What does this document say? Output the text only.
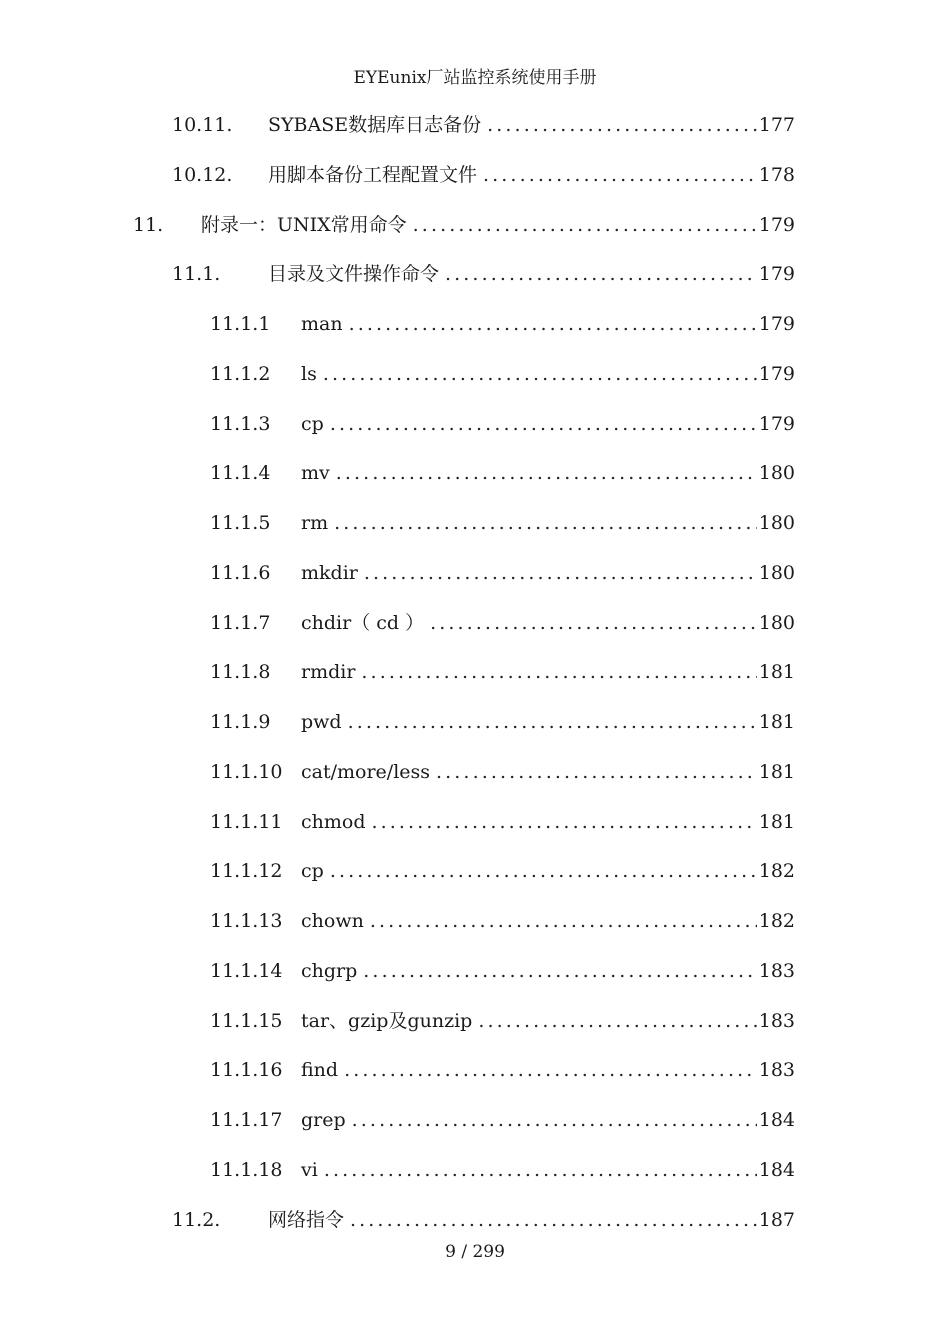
EYEunix厂站监控系统使用手册
10.11. SYBASE数据库日志备份 .....	177
10.12. 用脚本备份工程配置文件 .....	178
11. 附录一：UNIX常用命令 .....	179
11.1.	目录及文件操作命令 .....	179
11.1.1 man .....	179
11.1.2 ls .....	179
11.1.3 cp .....	179
11.1.4 mv .....	180
11.1.5 rm .....	180
11.1.6 mkdir .....	180
11.1.7 chdir（ cd ） .....	180
11.1.8 rmdir .....	181
11.1.9 pwd .....	181
11.1.10 cat/more/less .....	181
11.1.11 chmod .....	181
11.1.12 cp .....	182
11.1.13 chown .....	182
11.1.14 chgrp .....	183
11.1.15 tar、gzip及gunzip .....	183
11.1.16 find .....	183
11.1.17 grep .....	184
11.1.18 vi .....	184
11.2.	网络指令 .....	187
9 / 299
